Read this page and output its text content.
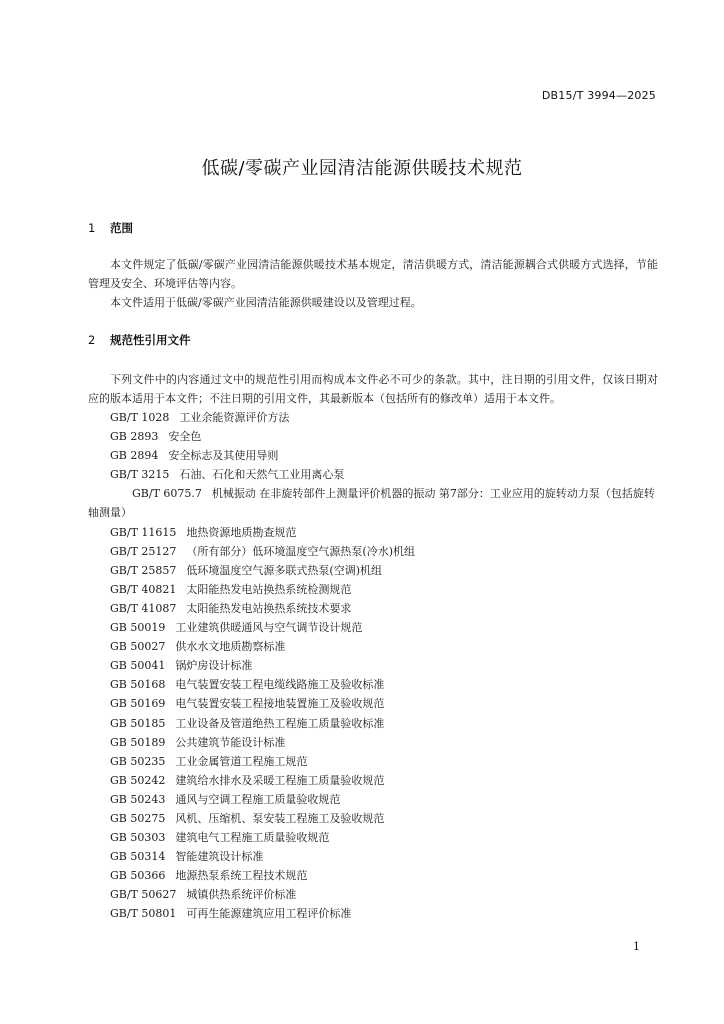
DB15/T 3994—2025
低碳/零碳产业园清洁能源供暖技术规范
1 范围

本文件规定了低碳/零碳产业园清洁能源供暖技术基本规定，清洁供暖方式，清洁能源耦合式供暖方式选择，节能管理及安全、环境评估等内容。

本文件适用于低碳/零碳产业园清洁能源供暖建设以及管理过程。

2 规范性引用文件

下列文件中的内容通过文中的规范性引用而构成本文件必不可少的条款。其中，注日期的引用文件，仅该日期对应的版本适用于本文件；不注日期的引用文件，其最新版本（包括所有的修改单）适用于本文件。

GB/T 1028 工业余能资源评价方法
GB 2893 安全色
GB 2894 安全标志及其使用导则
GB/T 3215 石油、石化和天然气工业用离心泵
GB/T 6075.7 机械振动 在非旋转部件上测量评价机器的振动 第7部分：工业应用的旋转动力泵（包括旋转轴测量）
GB/T 11615 地热资源地质勘查规范
GB/T 25127 （所有部分）低环境温度空气源热泵(冷水)机组
GB/T 25857 低环境温度空气源多联式热泵(空调)机组
GB/T 40821 太阳能热发电站换热系统检测规范
GB/T 41087 太阳能热发电站换热系统技术要求
GB 50019 工业建筑供暖通风与空气调节设计规范
GB 50027 供水水文地质勘察标准
GB 50041 锅炉房设计标准
GB 50168 电气装置安装工程电缆线路施工及验收标准
GB 50169 电气装置安装工程接地装置施工及验收规范
GB 50185 工业设备及管道绝热工程施工质量验收标准
GB 50189 公共建筑节能设计标准
GB 50235 工业金属管道工程施工规范
GB 50242 建筑给水排水及采暖工程施工质量验收规范
GB 50243 通风与空调工程施工质量验收规范
GB 50275 风机、压缩机、泵安装工程施工及验收规范
GB 50303 建筑电气工程施工质量验收规范
GB 50314 智能建筑设计标准
GB 50366 地源热泵系统工程技术规范
GB/T 50627 城镇供热系统评价标准
GB/T 50801 可再生能源建筑应用工程评价标准
1
